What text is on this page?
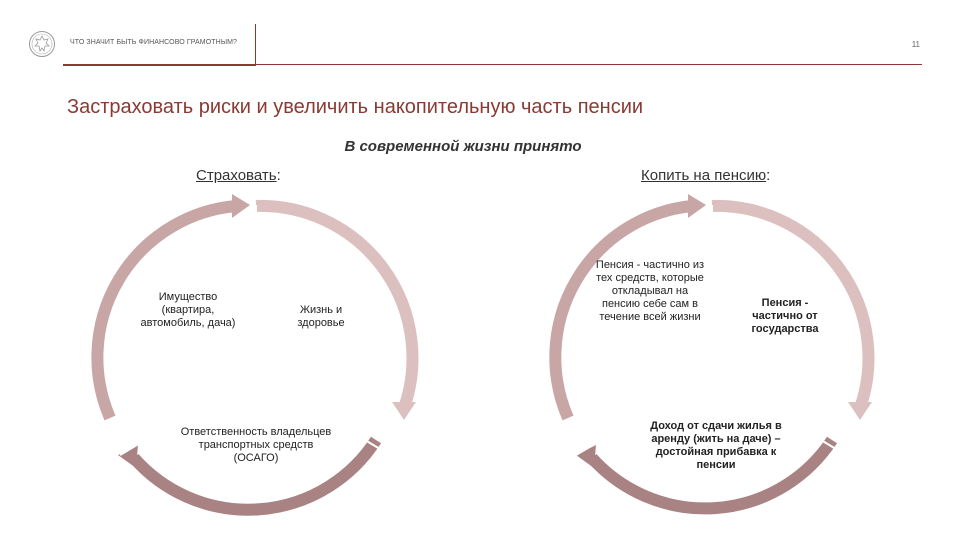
ЧТО ЗНАЧИТ БЫТЬ ФИНАНСОВО ГРАМОТНЫМ?	11
Застраховать риски и увеличить накопительную часть пенсии
В современной жизни принято
Страховать:	Копить на пенсию:
Имущество (квартира, автомобиль, дача)
Жизнь и здоровье
Ответственность владельцев транспортных средств (ОСАГО)
Пенсия - частично из тех средств, которые откладывал на пенсию себе сам в течение всей жизни
Пенсия - частично от государства
Доход от сдачи жилья в аренду (жить на даче) – достойная прибавка к пенсии
